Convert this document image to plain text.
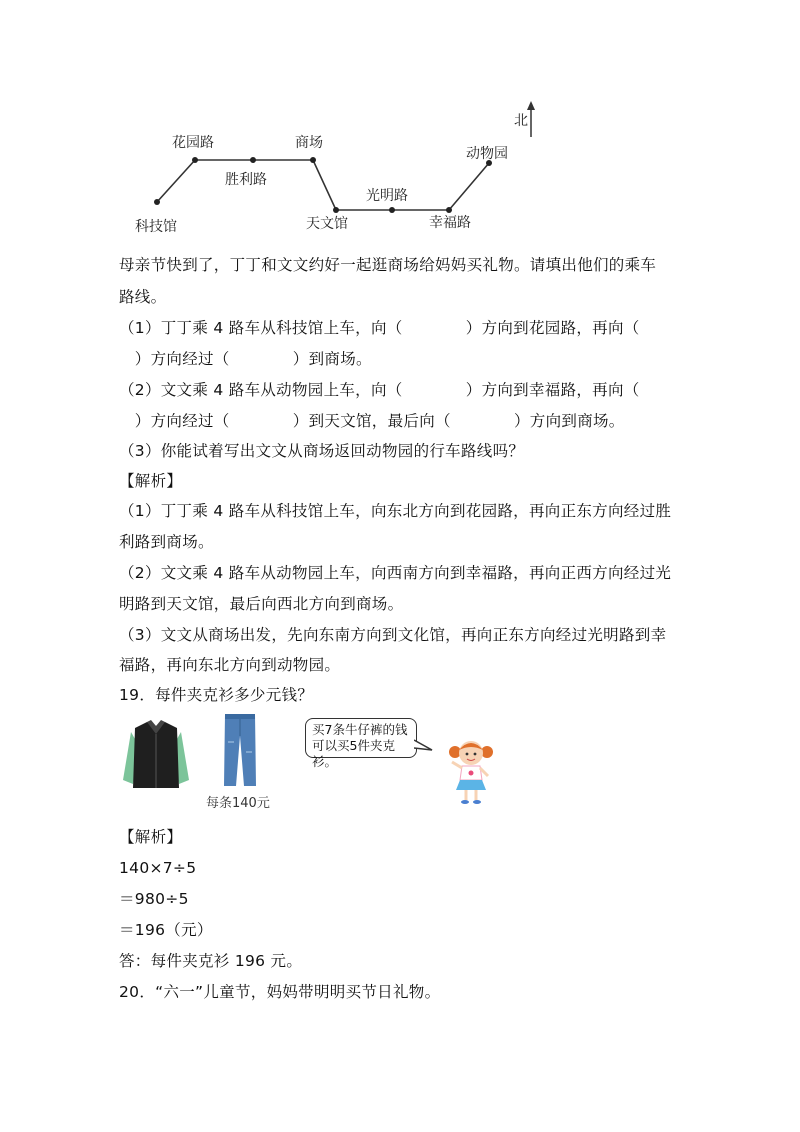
北
花园路	商场
胜利路
科技馆	天文馆
光明路
幸福路
动物园
母亲节快到了，丁丁和文文约好一起逛商场给妈妈买礼物。请填出他们的乘车
路线。
（1）丁丁乘 4 路车从科技馆上车，向（　　　　）方向到花园路，再向（
　）方向经过（　　　　）到商场。
（2）文文乘 4 路车从动物园上车，向（　　　　）方向到幸福路，再向（
　）方向经过（　　　　）到天文馆，最后向（　　　　）方向到商场。
（3）你能试着写出文文从商场返回动物园的行车路线吗？
【解析】
（1）丁丁乘 4 路车从科技馆上车，向东北方向到花园路，再向正东方向经过胜
利路到商场。
（2）文文乘 4 路车从动物园上车，向西南方向到幸福路，再向正西方向经过光
明路到天文馆，最后向西北方向到商场。
（3）文文从商场出发，先向东南方向到文化馆，再向正东方向经过光明路到幸
福路，再向东北方向到动物园。
19．每件夹克衫多少元钱？
每条140元
买7条牛仔裤的钱
可以买5件夹克衫。
【解析】
140×7÷5
＝980÷5
＝196（元）
答：每件夹克衫 196 元。
20．“六一”儿童节，妈妈带明明买节日礼物。
